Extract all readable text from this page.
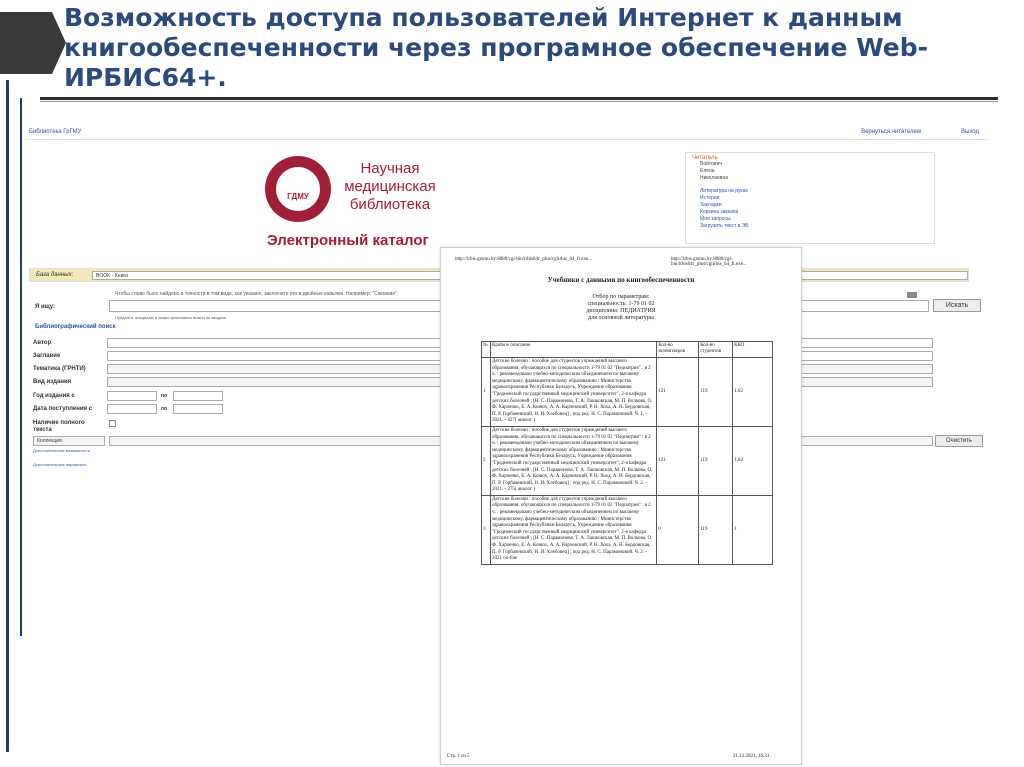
Возможность доступа пользователей Интернет к данным книгообеспеченности через програмное обеспечение Web-ИРБИС64+.
Библиотека ГрГМУ	Вернуться читателем	Выход
ГДМУ
Научная медицинская библиотека
Электронный каталог
Читатель
Войтович
Елена
Николаевна
Литература на руках
История
Закладки
Корзина заказов
Мои запросы
Загрузить текст в ЭБ
База данных:	BOOK - Книги
Чтобы слово было найдено в точности в том виде, как указано, заключите его в двойные кавычки. Например: "Сжиание"
Я ищу:	Искать
Предлоги, инициалы и знаки препинания можно не вводить
Библиографический поиск
Автор
Заглавие
Тематика (ГРНТИ)
Вид издания
Год издания с	по
Дата поступления с	по
Наличие полного текста
Коллекция	Очистить
Дополнительные возможности
Дополнительные параметры
http://irbis.grsmu.by:8080/cgi-bin/irbis64r_plus/cgiirbis_64_ft.exe...	http://irbis.grsmu.by:8080/cgi-bin/irbis64r_plus/cgiirbis_64_ft.exe...
Учебники с данными по книгообеспеченности
Отбор по параметрам:
специальность: 1-79 01 02
дисциплина: ПЕДИАТРИЯ
для основной литературы
№	Краткое описание	Кол-во экземпляров	Кол-во студентов	ККО
1	Детские болезни : пособие для студентов учреждений высшего образования, обучающихся по специальности 1-79 01 02 "Педиатрия" : в 2 ч. : рекомендовано учебно-методическим объединением по высшему медицинскому, фармацевтическому образованию / Министерство здравоохранения Республики Беларусь, Учреждение образования "Гродненский государственный медицинский университет", 2-я кафедра детских болезней ; [Н. С. Парамонова, Т. А. Лашковская, М. П. Волкова, О. Ф. Харченко, Е. А. Конюх, А. А. Карчевский, Р. Н. Хоха, А. Н. Бердовская, П. Р. Горбачевский, Н. И. Хлебовец] ; под ред. Н. С. Парамоновой. Ч. 1. - 2021. - 427( аналог )	121	119	1.02
2	Детские болезни : пособие для студентов учреждений высшего образования, обучающихся по специальности 1-79 01 02 "Педиатрия" : в 2 ч. : рекомендовано учебно-методическим объединением по высшему медицинскому, фармацевтическому образованию / Министерство здравоохранения Республики Беларусь, Учреждение образования "Гродненский государственный медицинский университет", 2-я кафедра детских болезней ; [Н. С. Парамонова, Т. А. Лашковская, М. П. Волкова, О. Ф. Харченко, Е. А. Конюх, А. А. Карчевский, Р. Н. Хоха, А. Н. Бердовская, П. Р. Горбачевский, Н. И. Хлебовец] ; под ред. Н. С. Парамоновой. Ч. 2. - 2021. - 375( аналог )	121	119	1.02
3	Детские болезни : пособие для студентов учреждений высшего образования, обучающихся по специальности 1-79 01 02 "Педиатрия" : в 2 ч. : рекомендовано учебно-методическим объединением по высшему медицинскому, фармацевтическому образованию / Министерство здравоохранения Республики Беларусь, Учреждение образования "Гродненский государственный медицинский университет", 2-я кафедра детских болезней ; [Н. С. Парамонова, Т. А. Лашковская, М. П. Волкова, О. Ф. Харченко, Е. А. Конюх, А. А. Карчевский, Р. Н. Хоха, А. Н. Бердовская, П. Р. Горбачевский, Н. И. Хлебовец] ; под ред. Н. С. Парамоновой. Ч. 2. - 2021 on-line	0	119	1
Стр. 1 из 5	21.12.2021, 16:31
